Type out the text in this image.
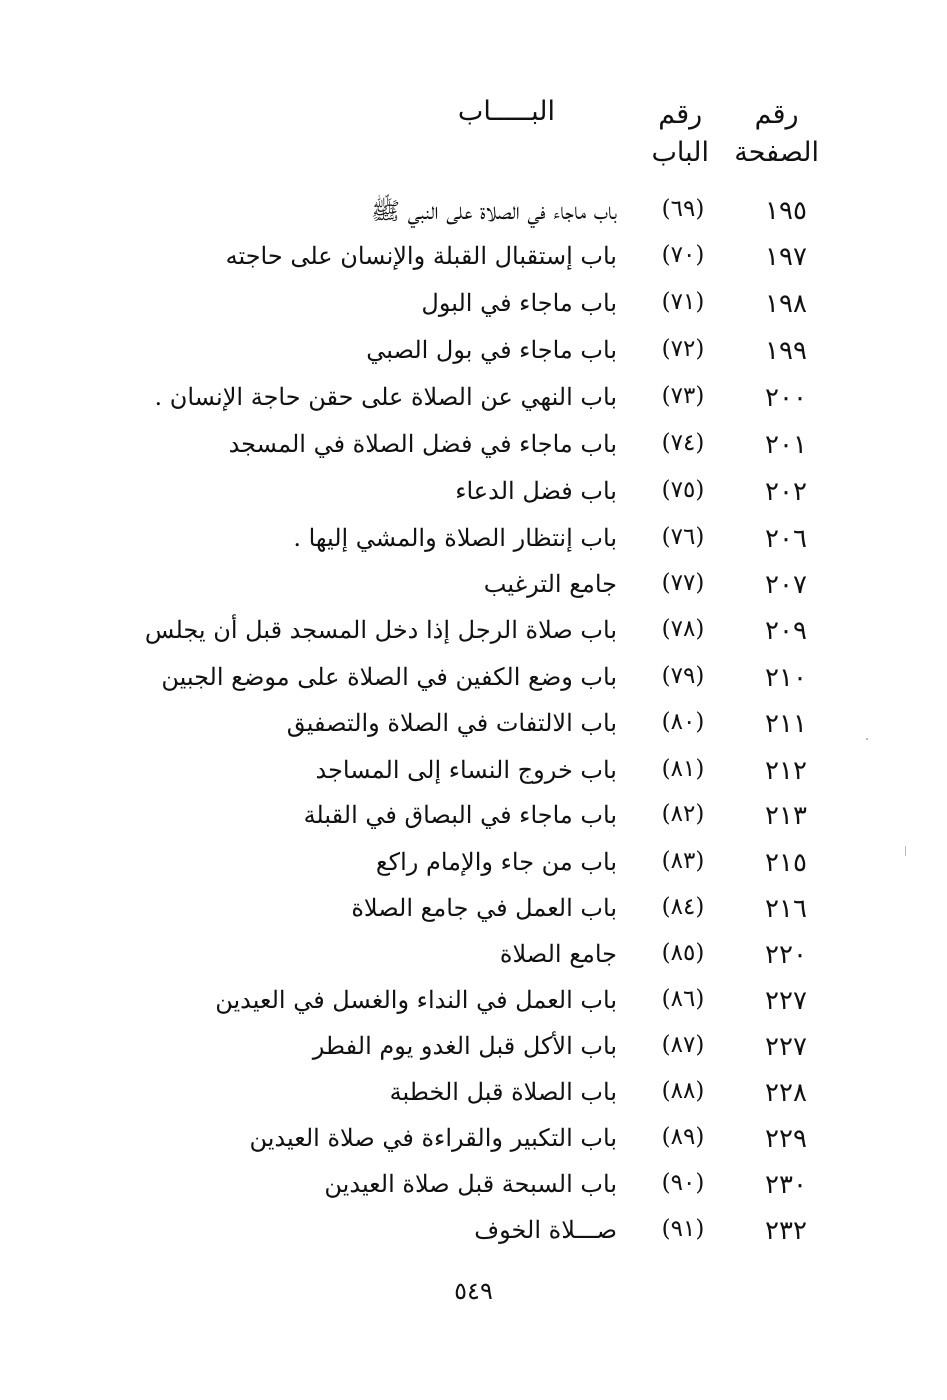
رقم
الصفحة
رقم
الباب
البـــــاب
١٩٥
(٦٩)
باب ماجاء في الصلاة على النبي ﷺ
١٩٧
(٧٠)
باب إستقبال القبلة والإنسان على حاجته
١٩٨
(٧١)
باب ماجاء في البول
١٩٩
(٧٢)
باب ماجاء في بول الصبي
٢٠٠
(٧٣)
باب النهي عن الصلاة على حقن حاجة الإنسان .
٢٠١
(٧٤)
باب ماجاء في فضل الصلاة في المسجد
٢٠٢
(٧٥)
باب فضل الدعاء
٢٠٦
(٧٦)
باب إنتظار الصلاة والمشي إليها .
٢٠٧
(٧٧)
جامع الترغيب
٢٠٩
(٧٨)
باب صلاة الرجل إذا دخل المسجد قبل أن يجلس
٢١٠
(٧٩)
باب وضع الكفين في الصلاة على موضع الجبين
٢١١
(٨٠)
باب الالتفات في الصلاة والتصفيق
٢١٢
(٨١)
باب خروج النساء إلى المساجد
٢١٣
(٨٢)
باب ماجاء في البصاق في القبلة
٢١٥
(٨٣)
باب من جاء والإمام راكع
٢١٦
(٨٤)
باب العمل في جامع الصلاة
٢٢٠
(٨٥)
جامع الصلاة
٢٢٧
(٨٦)
باب العمل في النداء والغسل في العيدين
٢٢٧
(٨٧)
باب الأكل قبل الغدو يوم الفطر
٢٢٨
(٨٨)
باب الصلاة قبل الخطبة
٢٢٩
(٨٩)
باب التكبير والقراءة في صلاة العيدين
٢٣٠
(٩٠)
باب السبحة قبل صلاة العيدين
٢٣٢
(٩١)
صـــلاة الخوف
٥٤٩
